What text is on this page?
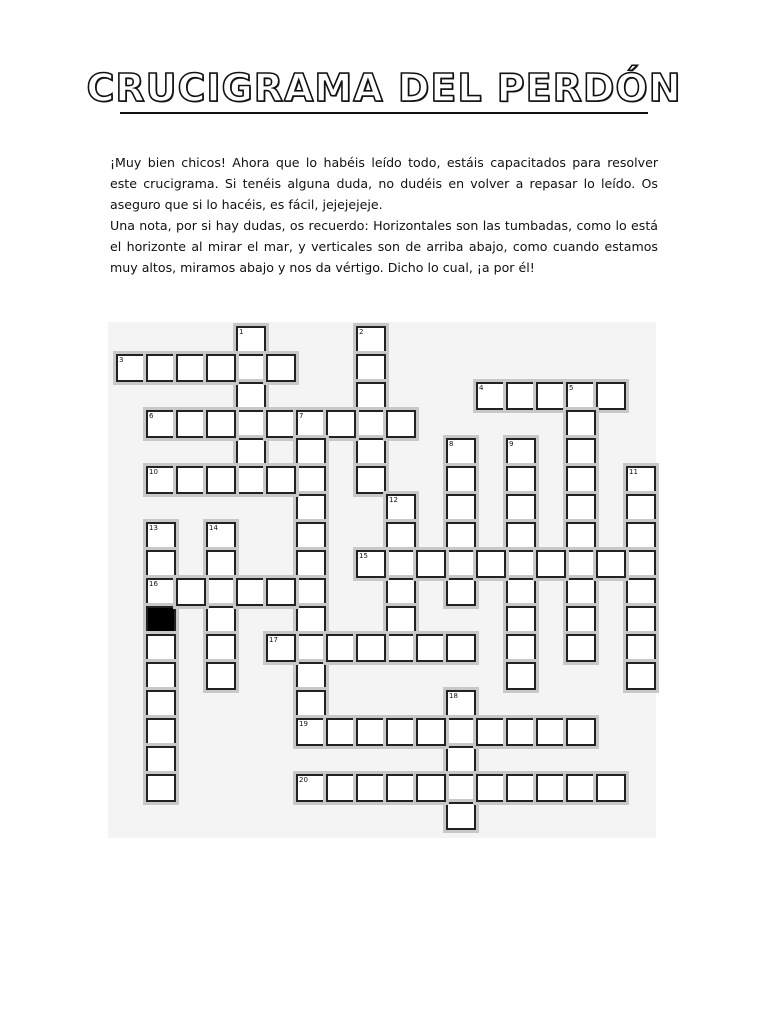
CRUCIGRAMA DEL PERDÓN

¡Muy bien chicos! Ahora que lo habéis leído todo, estáis capacitados para resolver este crucigrama. Si tenéis alguna duda, no dudéis en volver a repasar lo leído. Os aseguro que si lo hacéis, es fácil, jejejejeje.

Una nota, por si hay dudas, os recuerdo: Horizontales son las tumbadas, como lo está el horizonte al mirar el mar, y verticales son de arriba abajo, como cuando estamos muy altos, miramos abajo y nos da vértigo. Dicho lo cual, ¡a por él!

1	2
3
4	5
6	7
8	9
10	11
12
13
16
14
15
17
18
19
20
